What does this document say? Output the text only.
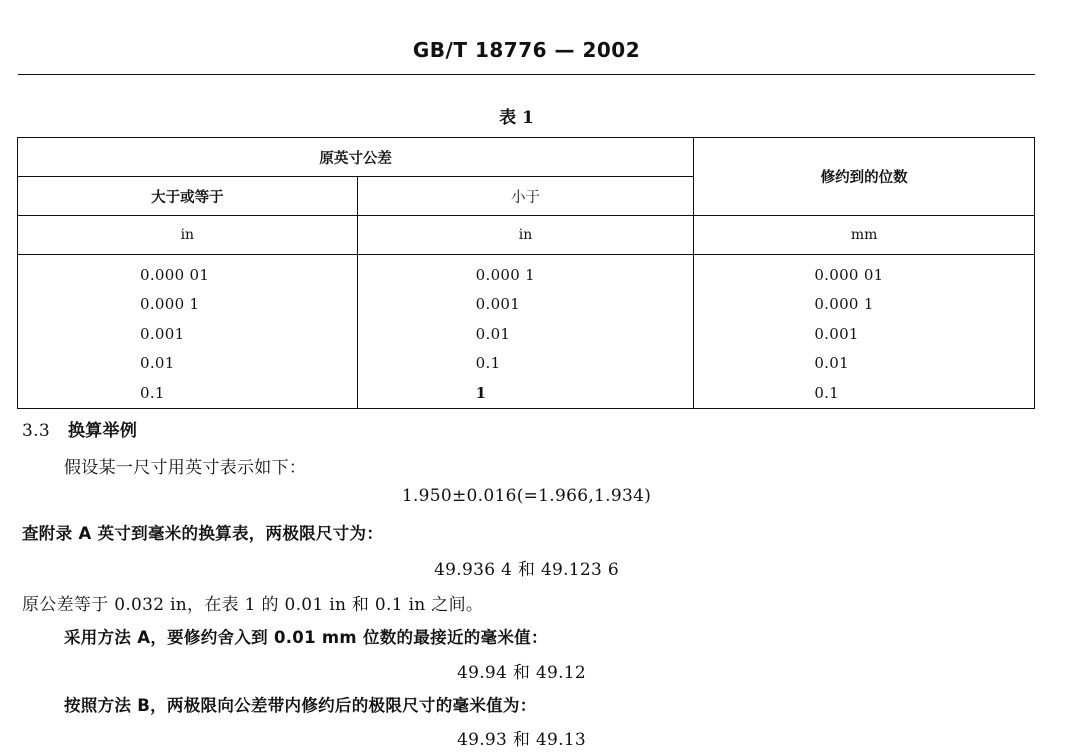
GB/T 18776 — 2002
表 1
原英寸公差		修约到的位数
大于或等于	小于	
in	in	mm
0.000 01	0.000 1	0.000 01
0.000 1	0.001	0.000 1
0.001	0.01	0.001
0.01	0.1	0.01
0.1	1	0.1
3.3 换算举例
假设某一尺寸用英寸表示如下：
1.950±0.016(=1.966,1.934)
查附录 A 英寸到毫米的换算表，两极限尺寸为：
49.936 4 和 49.123 6
原公差等于 0.032 in，在表 1 的 0.01 in 和 0.1 in 之间。
采用方法 A，要修约舍入到 0.01 mm 位数的最接近的毫米值：
49.94 和 49.12
按照方法 B，两极限向公差带内修约后的极限尺寸的毫米值为：
49.93 和 49.13
